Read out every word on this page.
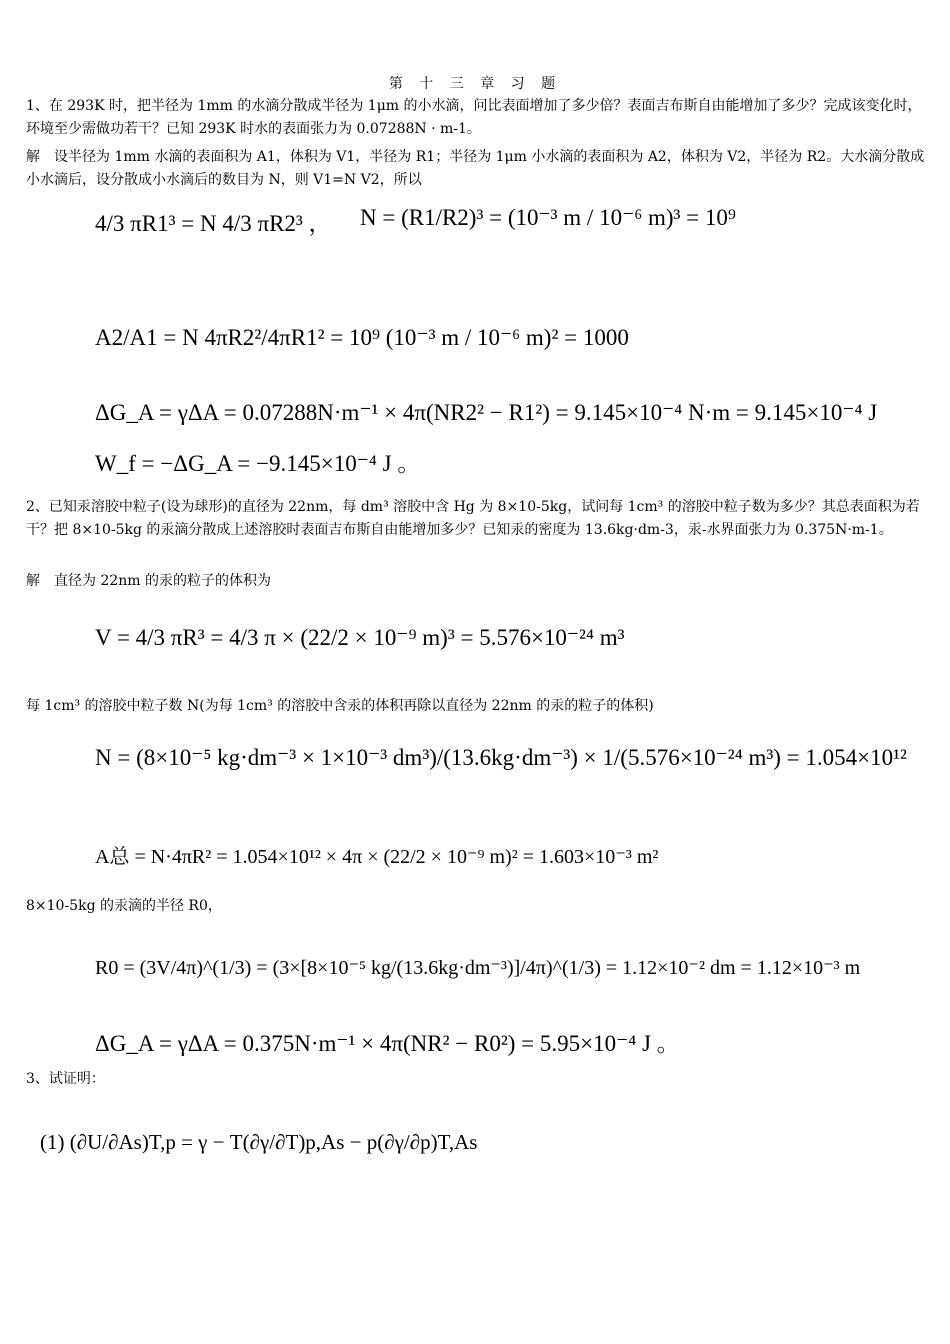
第 十 三 章 习 题
1、在 293K 时，把半径为 1mm 的水滴分散成半径为 1μm 的小水滴，问比表面增加了多少倍？表面吉布斯自由能增加了多少？完成该变化时，环境至少需做功若干？已知 293K 时水的表面张力为 0.07288N · m-1。
解　设半径为 1mm 水滴的表面积为 A1，体积为 V1，半径为 R1；半径为 1μm 小水滴的表面积为 A2，体积为 V2，半径为 R2。大水滴分散成小水滴后，设分散成小水滴后的数目为 N，则 V1=N V2，所以
4/3 πR1³ = N 4/3 πR2³ ， N = (R1/R2)³ = (10⁻³ m / 10⁻⁶ m)³ = 10⁹
A2/A1 = N 4πR2²/4πR1² = 10⁹ (10⁻³ m / 10⁻⁶ m)² = 1000
ΔG_A = γΔA = 0.07288N·m⁻¹ × 4π(NR2² − R1²) = 9.145×10⁻⁴ N·m = 9.145×10⁻⁴ J
W_f = −ΔG_A = −9.145×10⁻⁴ J 。
2、已知汞溶胶中粒子(设为球形)的直径为 22nm，每 dm³ 溶胶中含 Hg 为 8×10-5kg，试问每 1cm³ 的溶胶中粒子数为多少？其总表面积为若干？把 8×10-5kg 的汞滴分散成上述溶胶时表面吉布斯自由能增加多少？已知汞的密度为 13.6kg·dm-3，汞-水界面张力为 0.375N·m-1。
解　直径为 22nm 的汞的粒子的体积为
V = 4/3 πR³ = 4/3 π × (22/2 × 10⁻⁹ m)³ = 5.576×10⁻²⁴ m³
每 1cm³ 的溶胶中粒子数 N(为每 1cm³ 的溶胶中含汞的体积再除以直径为 22nm 的汞的粒子的体积)
N = (8×10⁻⁵ kg·dm⁻³ × 1×10⁻³ dm³)/(13.6kg·dm⁻³) × 1/(5.576×10⁻²⁴ m³) = 1.054×10¹²
A总 = N·4πR² = 1.054×10¹² × 4π × (22/2 × 10⁻⁹ m)² = 1.603×10⁻³ m²
8×10-5kg 的汞滴的半径 R0，
R0 = (3V/4π)^(1/3) = (3×[8×10⁻⁵ kg/(13.6kg·dm⁻³)]/4π)^(1/3) = 1.12×10⁻² dm = 1.12×10⁻³ m
ΔG_A = γΔA = 0.375N·m⁻¹ × 4π(NR² − R0²) = 5.95×10⁻⁴ J 。
3、试证明：
(1) (∂U/∂As)T,p = γ − T(∂γ/∂T)p,As − p(∂γ/∂p)T,As
